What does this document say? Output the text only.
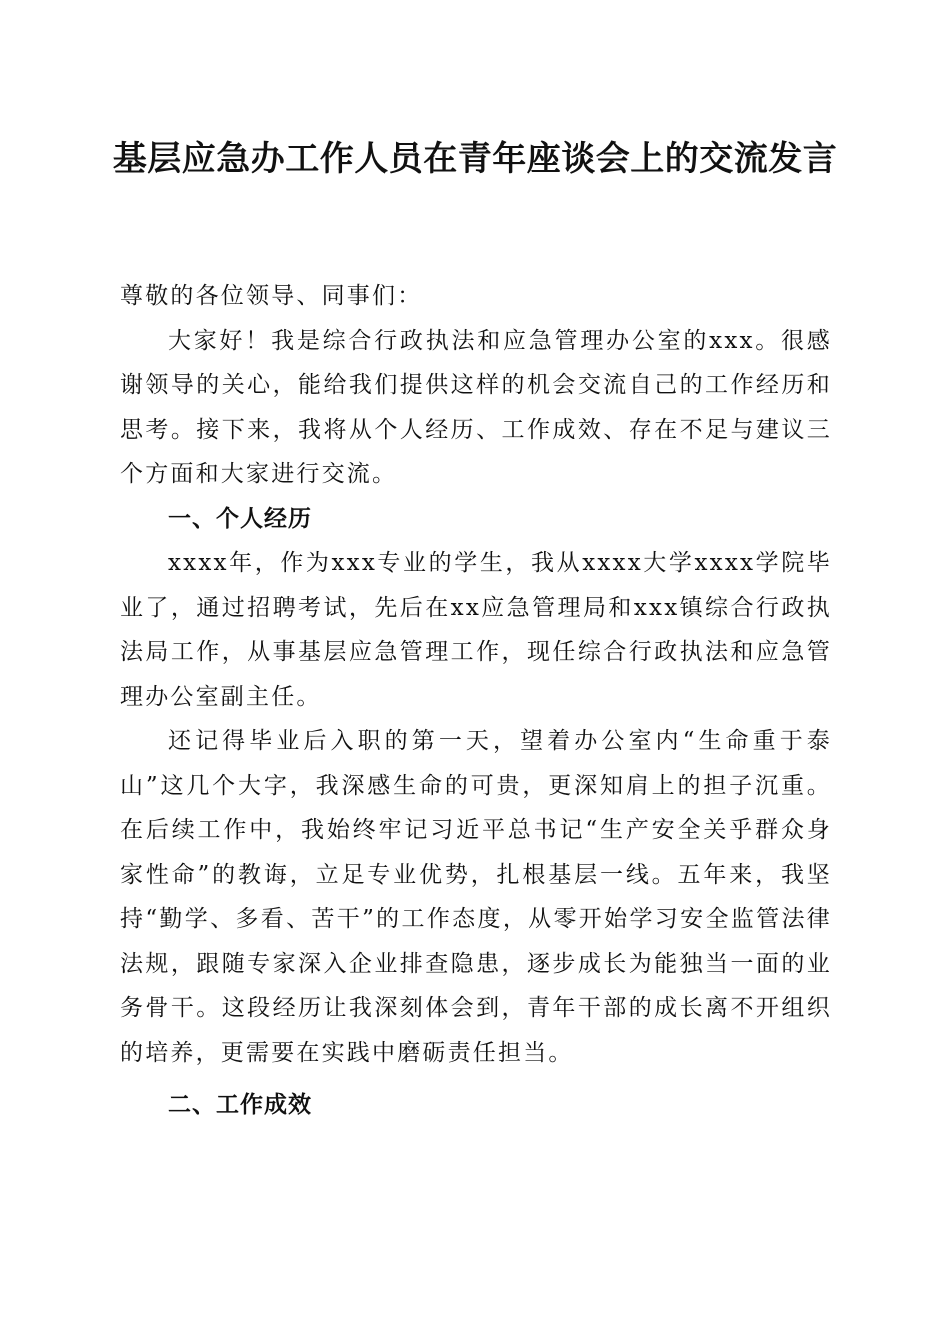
基层应急办工作人员在青年座谈会上的交流发言

尊敬的各位领导、同事们：

大家好！我是综合行政执法和应急管理办公室的xxx。很感谢领导的关心，能给我们提供这样的机会交流自己的工作经历和思考。接下来，我将从个人经历、工作成效、存在不足与建议三个方面和大家进行交流。

一、个人经历

xxxx年，作为xxx专业的学生，我从xxxx大学xxxx学院毕业了，通过招聘考试，先后在xx应急管理局和xxx镇综合行政执法局工作，从事基层应急管理工作，现任综合行政执法和应急管理办公室副主任。

还记得毕业后入职的第一天，望着办公室内“生命重于泰山”这几个大字，我深感生命的可贵，更深知肩上的担子沉重。在后续工作中，我始终牢记习近平总书记“生产安全关乎群众身家性命”的教诲，立足专业优势，扎根基层一线。五年来，我坚持“勤学、多看、苦干”的工作态度，从零开始学习安全监管法律法规，跟随专家深入企业排查隐患，逐步成长为能独当一面的业务骨干。这段经历让我深刻体会到，青年干部的成长离不开组织的培养，更需要在实践中磨砺责任担当。

二、工作成效
